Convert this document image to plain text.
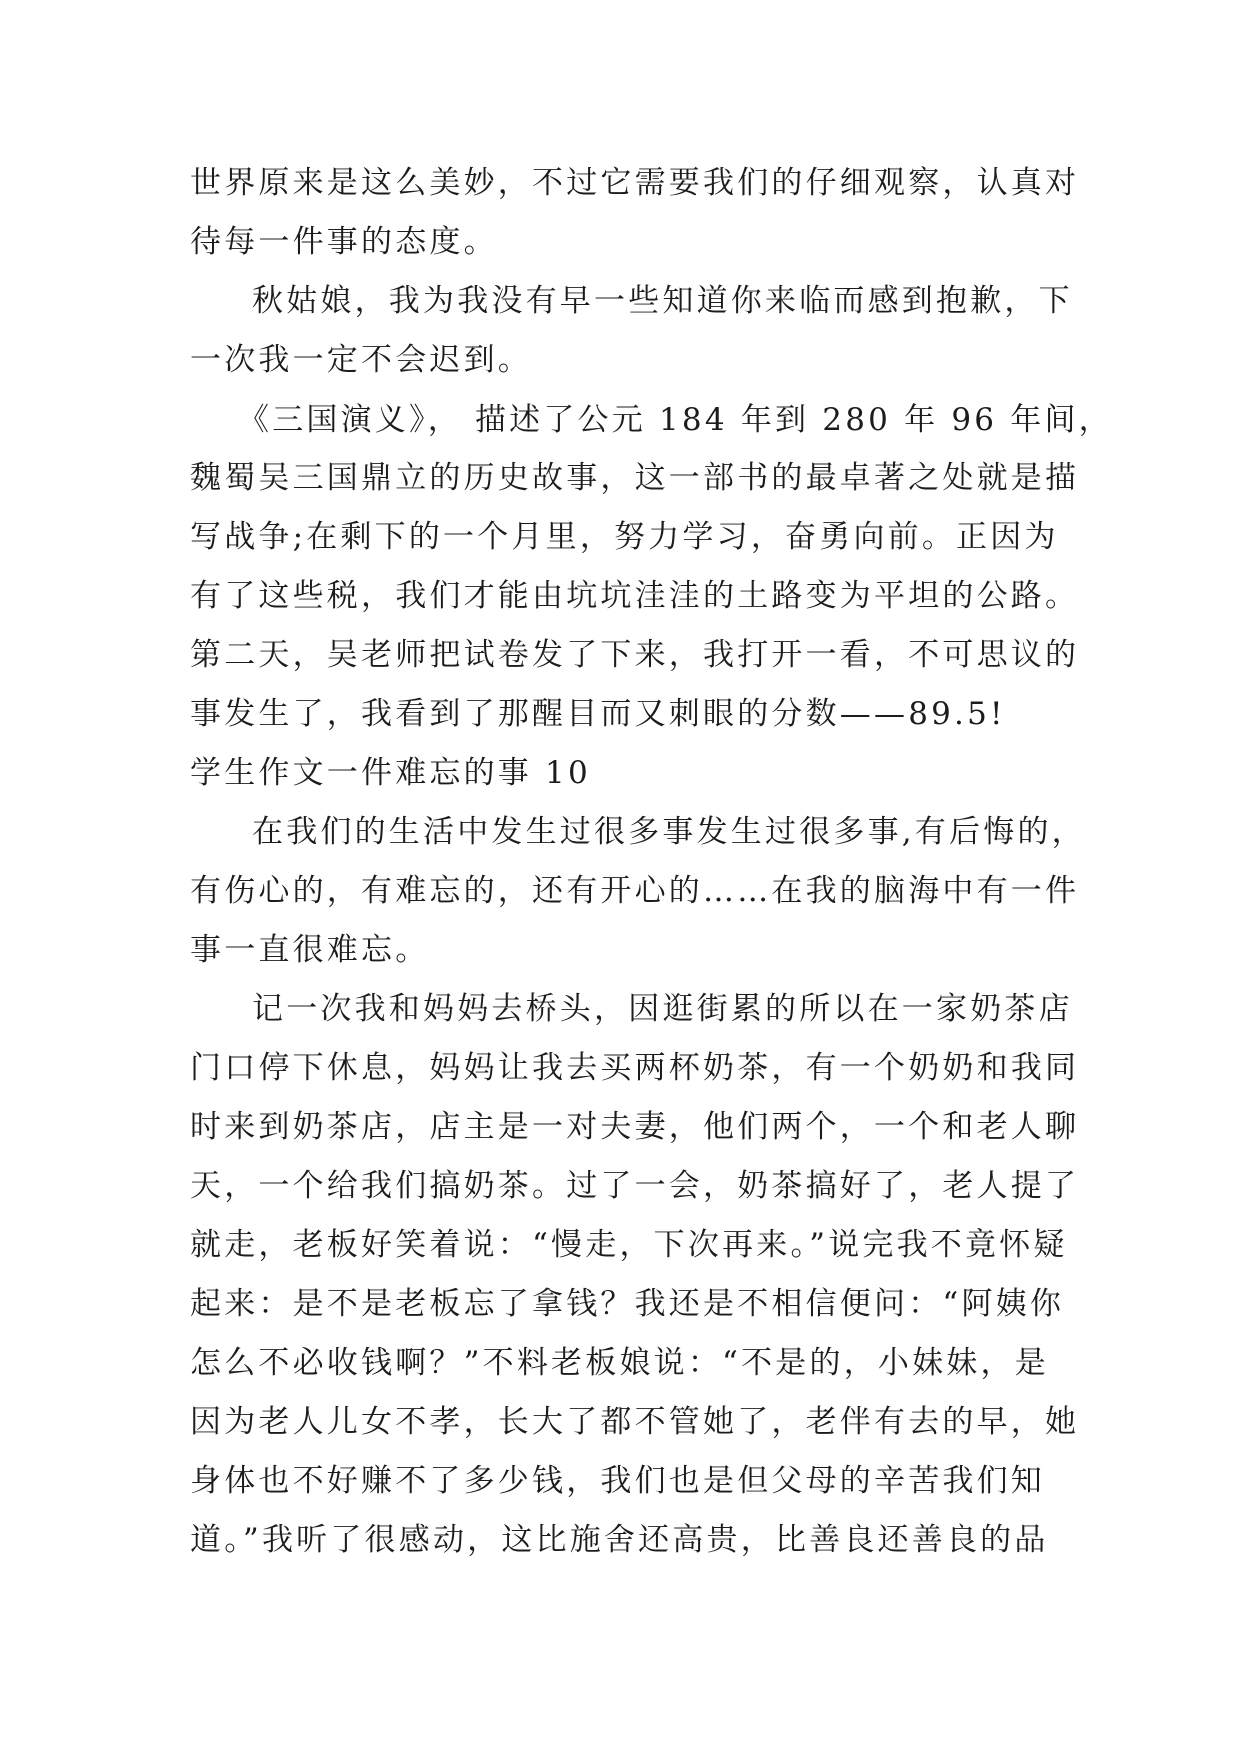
世界原来是这么美妙，不过它需要我们的仔细观察，认真对

待每一件事的态度。

秋姑娘，我为我没有早一些知道你来临而感到抱歉，下

一次我一定不会迟到。

《三国演义》， 描述了公元 184 年到 280 年 96 年间，

魏蜀吴三国鼎立的历史故事，这一部书的最卓著之处就是描

写战争;在剩下的一个月里，努力学习，奋勇向前。正因为

有了这些税，我们才能由坑坑洼洼的土路变为平坦的公路。

第二天，吴老师把试卷发了下来，我打开一看，不可思议的

事发生了，我看到了那醒目而又刺眼的分数——89.5!

学生作文一件难忘的事 10

在我们的生活中发生过很多事发生过很多事,有后悔的，

有伤心的，有难忘的，还有开心的……在我的脑海中有一件

事一直很难忘。

记一次我和妈妈去桥头，因逛街累的所以在一家奶茶店

门口停下休息，妈妈让我去买两杯奶茶，有一个奶奶和我同

时来到奶茶店，店主是一对夫妻，他们两个，一个和老人聊

天，一个给我们搞奶茶。过了一会，奶茶搞好了，老人提了

就走，老板好笑着说：“慢走，下次再来。”说完我不竟怀疑

起来：是不是老板忘了拿钱？我还是不相信便问：“阿姨你

怎么不必收钱啊？”不料老板娘说：“不是的，小妹妹，是

因为老人儿女不孝，长大了都不管她了，老伴有去的早，她

身体也不好赚不了多少钱，我们也是但父母的辛苦我们知

道。”我听了很感动，这比施舍还高贵，比善良还善良的品
